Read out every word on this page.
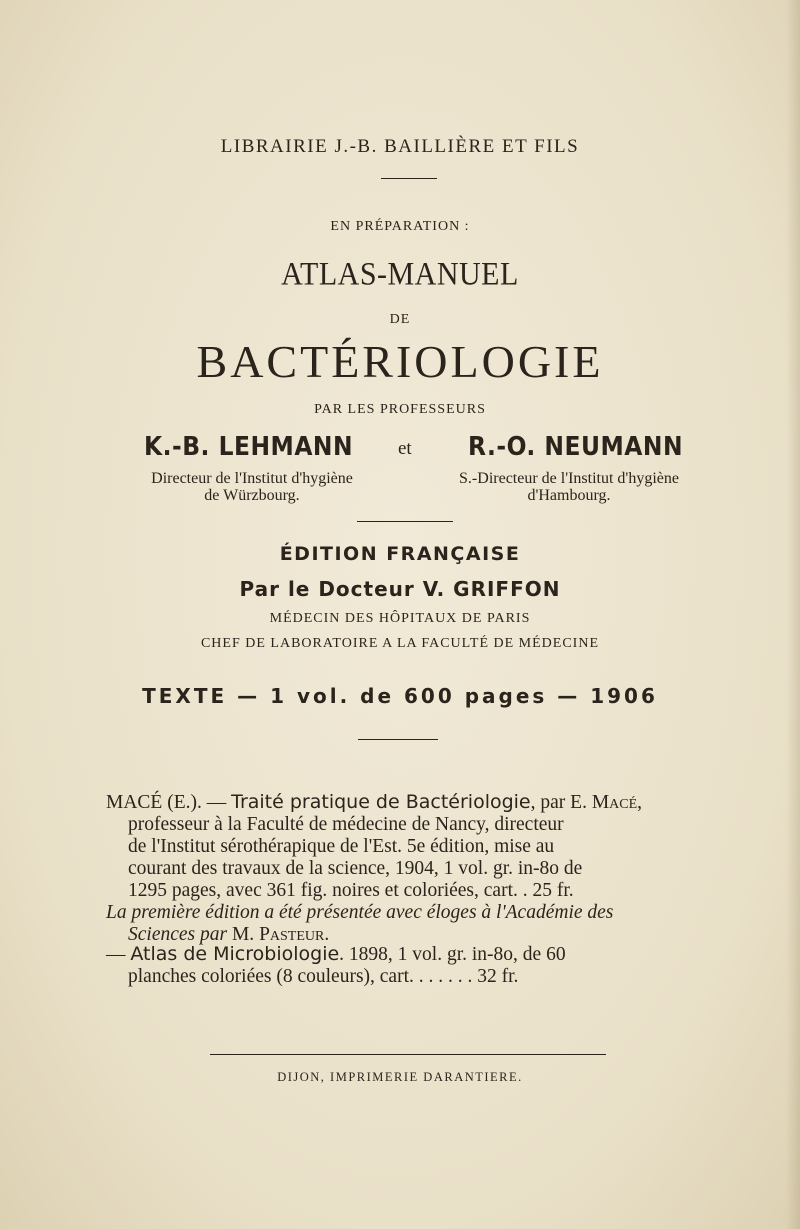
LIBRAIRIE J.-B. BAILLIÈRE ET FILS

EN PRÉPARATION :

ATLAS-MANUEL

DE

BACTÉRIOLOGIE

PAR LES PROFESSEURS

K.-B. LEHMANN et R.-O. NEUMANN
Directeur de l'Institut d'hygiène
de Würzbourg.
S.-Directeur de l'Institut d'hygiène
d'Hambourg.

ÉDITION FRANÇAISE

Par le Docteur V. GRIFFON

MÉDECIN DES HÔPITAUX DE PARIS

CHEF DE LABORATOIRE A LA FACULTÉ DE MÉDECINE

TEXTE — 1 vol. de 600 pages — 1906

MACÉ (E.). — Traité pratique de Bactériologie, par E. Macé,

professeur à la Faculté de médecine de Nancy, directeur

de l'Institut sérothérapique de l'Est. 5e édition, mise au

courant des travaux de la science, 1904, 1 vol. gr. in-8o de

1295 pages, avec 361 fig. noires et coloriées, cart. . 25 fr.

La première édition a été présentée avec éloges à l'Académie des

Sciences par M. Pasteur.

— Atlas de Microbiologie. 1898, 1 vol. gr. in-8o, de 60

planches coloriées (8 couleurs), cart. . . . . . . 32 fr.

DIJON, IMPRIMERIE DARANTIERE.
